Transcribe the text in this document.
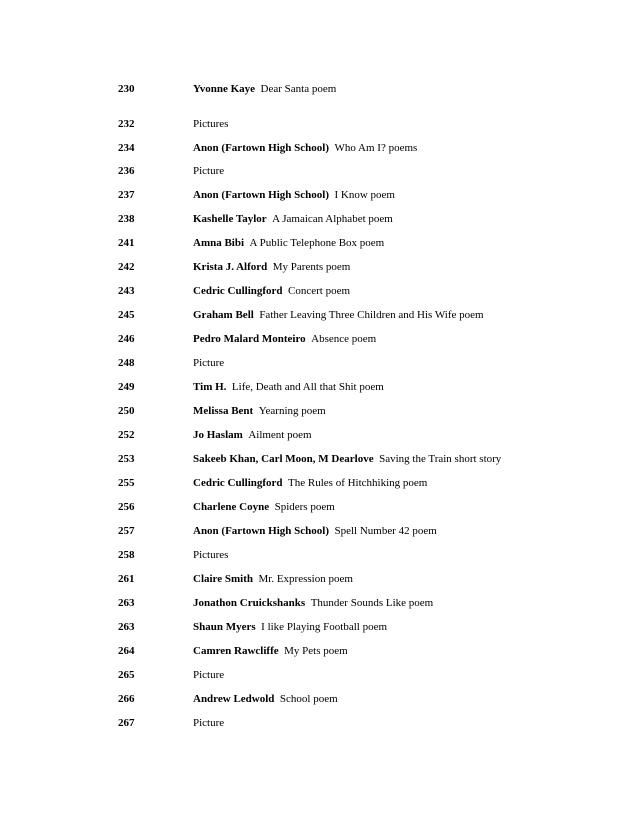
230	Yvonne Kaye Dear Santa poem
232	Pictures
234	Anon (Fartown High School) Who Am I? poems
236	Picture
237	Anon (Fartown High School) I Know poem
238	Kashelle Taylor A Jamaican Alphabet poem
241	Amna Bibi A Public Telephone Box poem
242	Krista J. Alford My Parents poem
243	Cedric Cullingford Concert poem
245	Graham Bell Father Leaving Three Children and His Wife poem
246	Pedro Malard Monteiro Absence poem
248	Picture
249	Tim H. Life, Death and All that Shit poem
250	Melissa Bent Yearning poem
252	Jo Haslam Ailment poem
253	Sakeeb Khan, Carl Moon, M Dearlove Saving the Train short story
255	Cedric Cullingford The Rules of Hitchhiking poem
256	Charlene Coyne Spiders poem
257	Anon (Fartown High School) Spell Number 42 poem
258	Pictures
261	Claire Smith Mr. Expression poem
263	Jonathon Cruickshanks Thunder Sounds Like poem
263	Shaun Myers I like Playing Football poem
264	Camren Rawcliffe My Pets poem
265	Picture
266	Andrew Ledwold School poem
267	Picture
